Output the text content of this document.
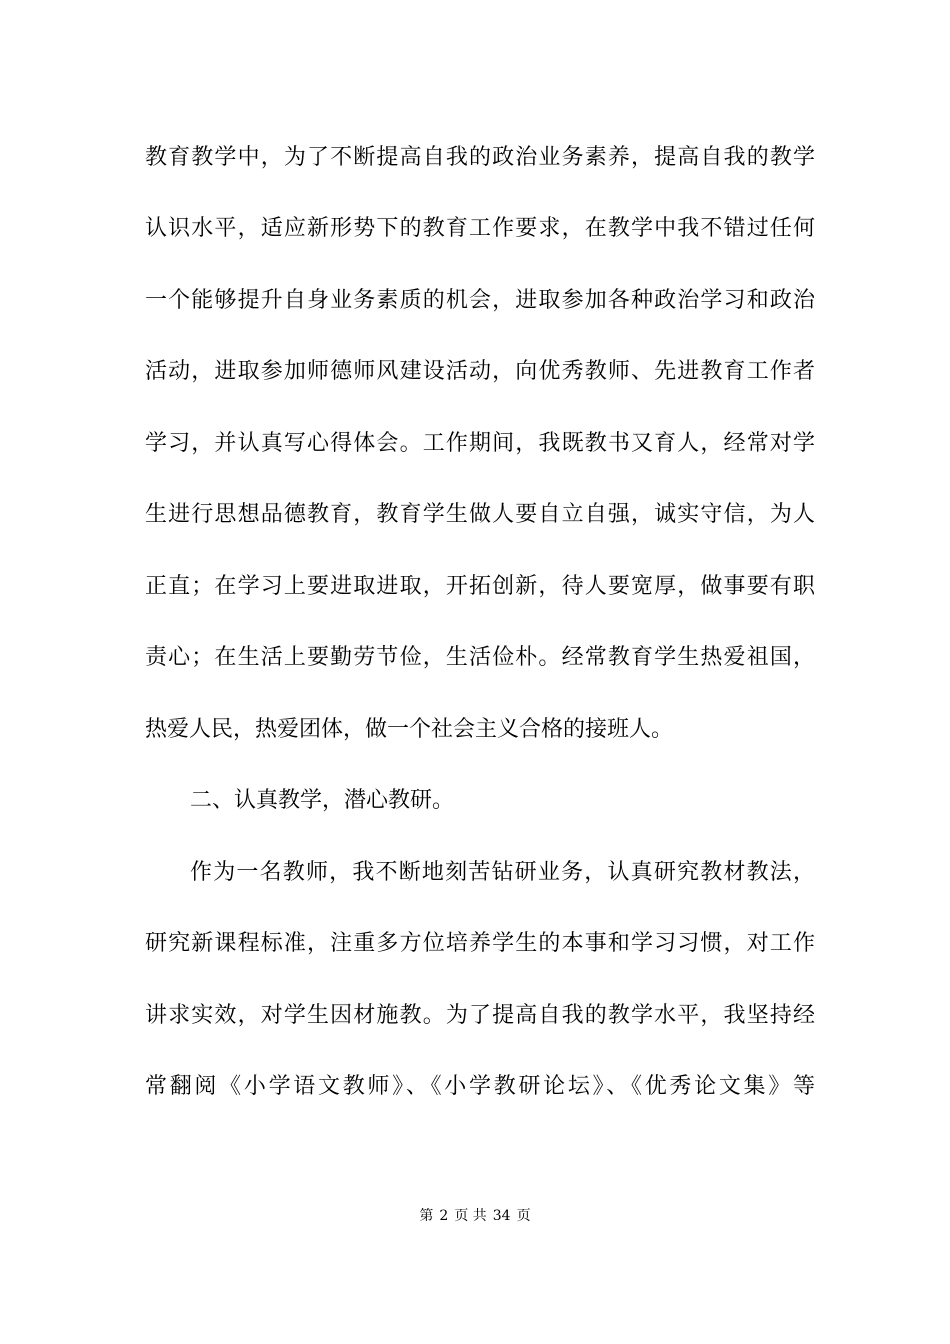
教育教学中，为了不断提高自我的政治业务素养，提高自我的教学
认识水平，适应新形势下的教育工作要求，在教学中我不错过任何
一个能够提升自身业务素质的机会，进取参加各种政治学习和政治
活动，进取参加师德师风建设活动，向优秀教师、先进教育工作者
学习，并认真写心得体会。工作期间，我既教书又育人，经常对学
生进行思想品德教育，教育学生做人要自立自强，诚实守信，为人
正直；在学习上要进取进取，开拓创新，待人要宽厚，做事要有职
责心；在生活上要勤劳节俭，生活俭朴。经常教育学生热爱祖国，
热爱人民，热爱团体，做一个社会主义合格的接班人。
二、认真教学，潜心教研。
作为一名教师，我不断地刻苦钻研业务，认真研究教材教法，
研究新课程标准，注重多方位培养学生的本事和学习习惯，对工作
讲求实效，对学生因材施教。为了提高自我的教学水平，我坚持经
常翻阅《小学语文教师》、《小学教研论坛》、《优秀论文集》等
第 2 页 共 34 页
